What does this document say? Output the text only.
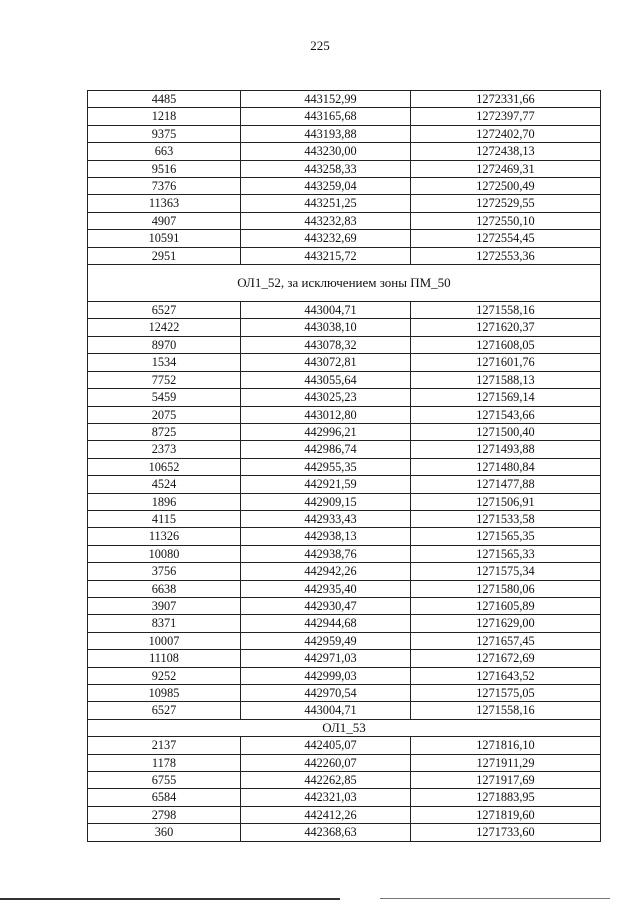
225
4485	443152,99	1272331,66
1218	443165,68	1272397,77
9375	443193,88	1272402,70
663	443230,00	1272438,13
9516	443258,33	1272469,31
7376	443259,04	1272500,49
11363	443251,25	1272529,55
4907	443232,83	1272550,10
10591	443232,69	1272554,45
2951	443215,72	1272553,36
ОЛ1_52, за исключением зоны ПМ_50		
6527	443004,71	1271558,16
12422	443038,10	1271620,37
8970	443078,32	1271608,05
1534	443072,81	1271601,76
7752	443055,64	1271588,13
5459	443025,23	1271569,14
2075	443012,80	1271543,66
8725	442996,21	1271500,40
2373	442986,74	1271493,88
10652	442955,35	1271480,84
4524	442921,59	1271477,88
1896	442909,15	1271506,91
4115	442933,43	1271533,58
11326	442938,13	1271565,35
10080	442938,76	1271565,33
3756	442942,26	1271575,34
6638	442935,40	1271580,06
3907	442930,47	1271605,89
8371	442944,68	1271629,00
10007	442959,49	1271657,45
11108	442971,03	1271672,69
9252	442999,03	1271643,52
10985	442970,54	1271575,05
6527	443004,71	1271558,16
ОЛ1_53		
2137	442405,07	1271816,10
1178	442260,07	1271911,29
6755	442262,85	1271917,69
6584	442321,03	1271883,95
2798	442412,26	1271819,60
360	442368,63	1271733,60
